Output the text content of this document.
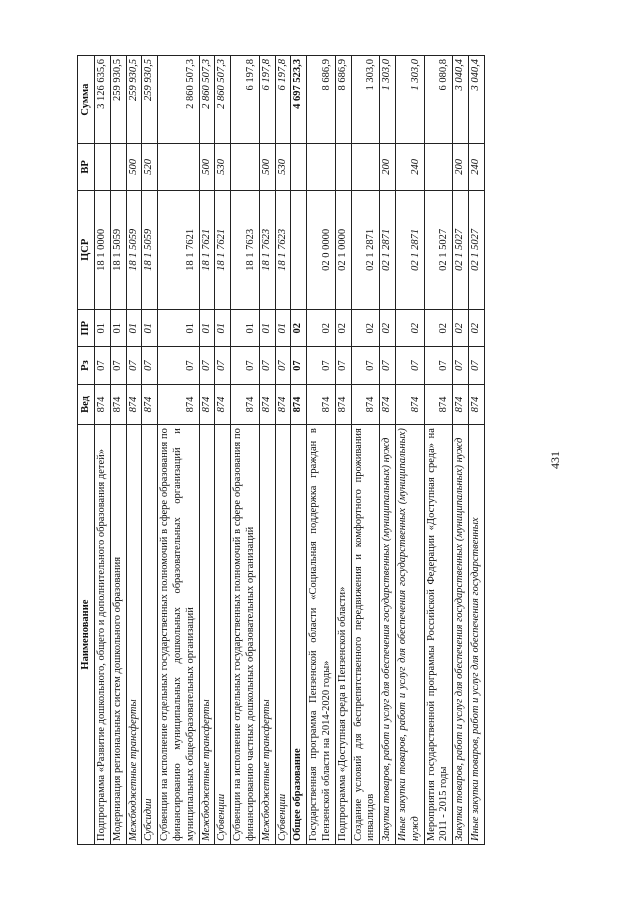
431
Наименование	Вед	Рз	ПР	ЦСР	ВР	Сумма
Подпрограмма «Развитие дошкольного, общего и дополнительного образования детей»	874	07	01	18 1 0000		3 126 635,6
Модернизация региональных систем дошкольного образования	874	07	01	18 1 5059		259 930,5
Межбюджетные трансферты	874	07	01	18 1 5059	500	259 930,5
Субсидии	874	07	01	18 1 5059	520	259 930,5
Субвенции на исполнение отдельных государственных полномочий в сфере образования по финансированию муниципальных дошкольных образовательных организаций и муниципальных общеобразовательных организаций	874	07	01	18 1 7621		2 860 507,3
Межбюджетные трансферты	874	07	01	18 1 7621	500	2 860 507,3
Субвенции	874	07	01	18 1 7621	530	2 860 507,3
Субвенции на исполнение отдельных государственных полномочий в сфере образования по финансированию частных дошкольных образовательных организаций	874	07	01	18 1 7623		6 197,8
Межбюджетные трансферты	874	07	01	18 1 7623	500	6 197,8
Субвенции	874	07	01	18 1 7623	530	6 197,8
Общее образование	874	07	02			4 697 523,3
Государственная программа Пензенской области «Социальная поддержка граждан в Пензенской области на 2014-2020 годы»	874	07	02	02 0 0000		8 686,9
Подпрограмма «Доступная среда в Пензенской области»	874	07	02	02 1 0000		8 686,9
Создание условий для беспрепятственного передвижения и комфортного проживания инвалидов	874	07	02	02 1 2871		1 303,0
Закупка товаров, работ и услуг для обеспечения государственных (муниципальных) нужд	874	07	02	02 1 2871	200	1 303,0
Иные закупки товаров, работ и услуг для обеспечения государственных (муниципальных) нужд	874	07	02	02 1 2871	240	1 303,0
Мероприятия государственной программы Российской Федерации «Доступная среда» на 2011 - 2015 годы	874	07	02	02 1 5027		6 080,8
Закупка товаров, работ и услуг для обеспечения государственных (муниципальных) нужд	874	07	02	02 1 5027	200	3 040,4
Иные закупки товаров, работ и услуг для обеспечения государственных	874	07	02	02 1 5027	240	3 040,4
